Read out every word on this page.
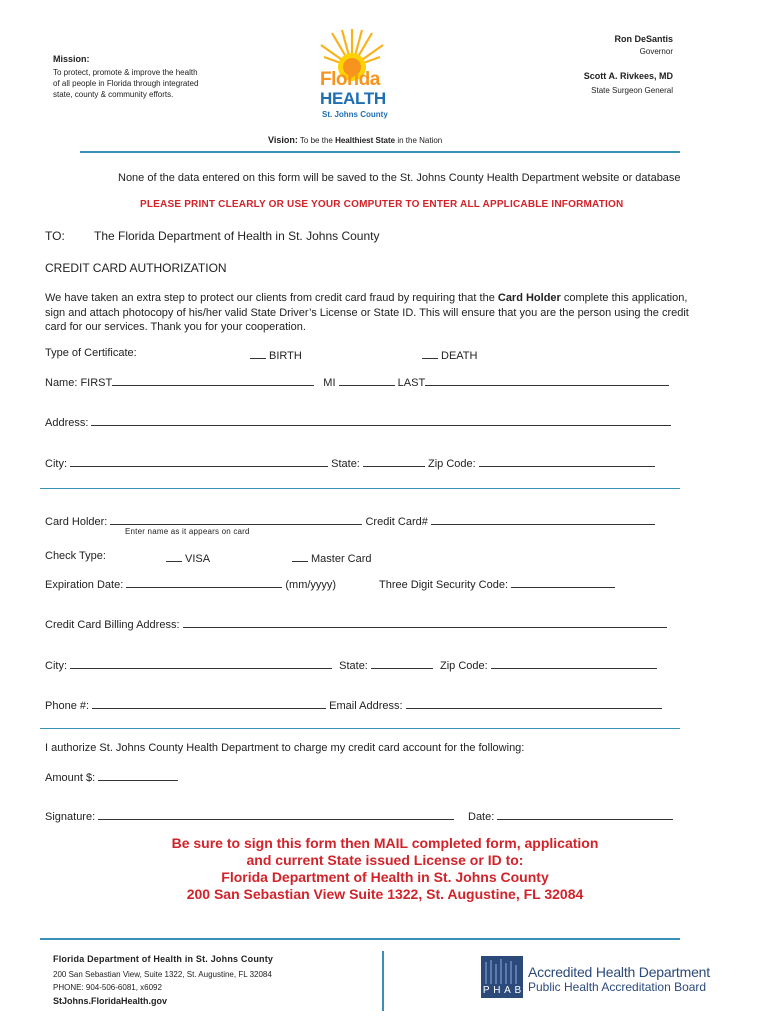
Mission:
To protect, promote & improve the health
of all people in Florida through integrated
state, county & community efforts.
Florida
HEALTH
St. Johns County
Ron DeSantis
Governor
Scott A. Rivkees, MD
State Surgeon General
Vision: To be the Healthiest State in the Nation
None of the data entered on this form will be saved to the St. Johns County Health Department website or database
PLEASE PRINT CLEARLY OR USE YOUR COMPUTER TO ENTER ALL APPLICABLE INFORMATION
TO: The Florida Department of Health in St. Johns County
CREDIT CARD AUTHORIZATION
We have taken an extra step to protect our clients from credit card fraud by requiring that the Card Holder complete this application,
sign and attach photocopy of his/her valid State Driver’s License or State ID. This will ensure that you are the person using the credit
card for our services. Thank you for your cooperation.
Type of Certificate:	BIRTH	DEATH
Name: FIRST	MI	LAST
Address:
City:	State:	Zip Code:
Card Holder:	Credit Card#
Enter name as it appears on card
Check Type:	VISA	Master Card
Expiration Date:	(mm/yyyy)	Three Digit Security Code:
Credit Card Billing Address:
City:	State:	Zip Code:
Phone #:	Email Address:
I authorize St. Johns County Health Department to charge my credit card account for the following:
Amount $:
Signature:	Date:
Be sure to sign this form then MAIL completed form, application
and current State issued License or ID to:
Florida Department of Health in St. Johns County
200 San Sebastian View Suite 1322, St. Augustine, FL 32084
Florida Department of Health in St. Johns County
200 San Sebastian View, Suite 1322, St. Augustine, FL 32084
PHONE: 904-506-6081, x6092
StJohns.FloridaHealth.gov
P H A B
Accredited Health Department
Public Health Accreditation Board
